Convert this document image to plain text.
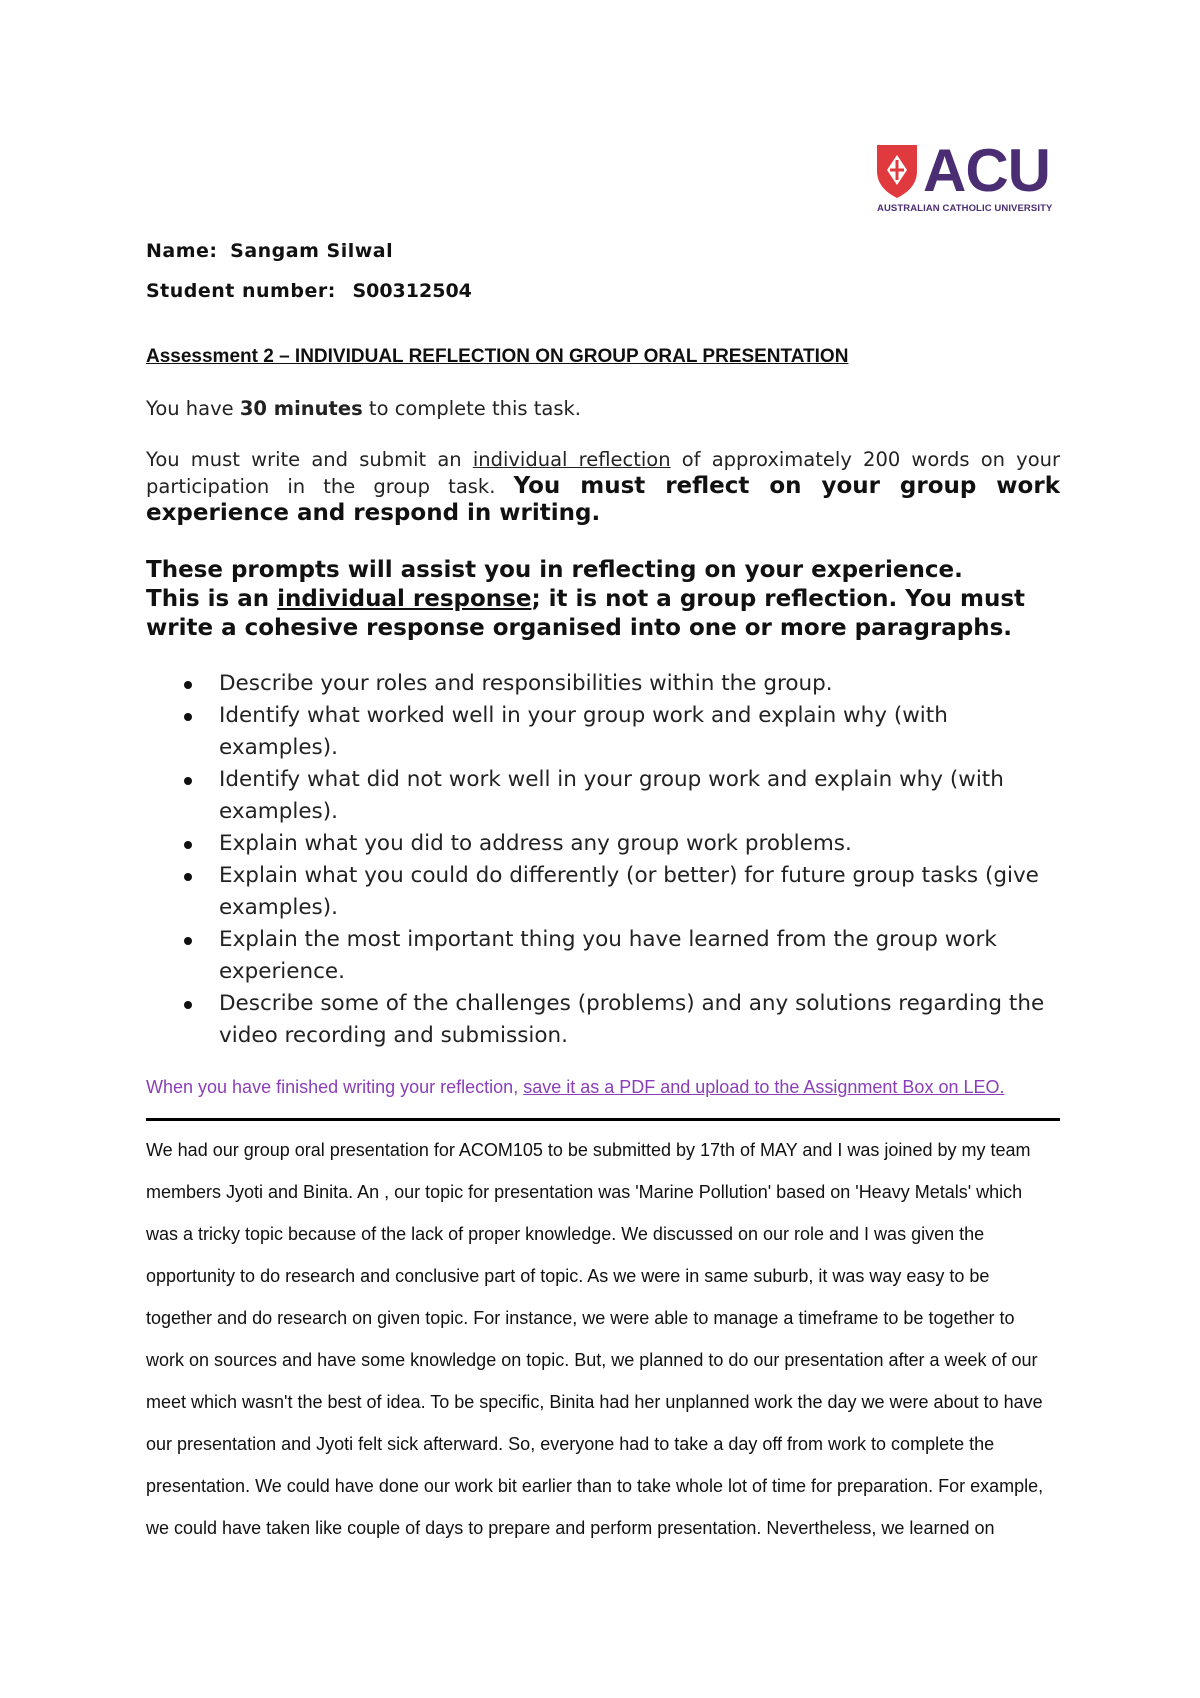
ACU
AUSTRALIAN CATHOLIC UNIVERSITY
Name: Sangam Silwal
Student number: S00312504
Assessment 2 – INDIVIDUAL REFLECTION ON GROUP ORAL PRESENTATION
You have 30 minutes to complete this task.
You must write and submit an individual reflection of approximately 200 words on your participation in the group task. You must reflect on your group work experience and respond in writing.
These prompts will assist you in reflecting on your experience.
This is an individual response; it is not a group reflection. You must write a cohesive response organised into one or more paragraphs.
Describe your roles and responsibilities within the group.
Identify what worked well in your group work and explain why (with examples).
Identify what did not work well in your group work and explain why (with examples).
Explain what you did to address any group work problems.
Explain what you could do differently (or better) for future group tasks (give examples).
Explain the most important thing you have learned from the group work experience.
Describe some of the challenges (problems) and any solutions regarding the video recording and submission.
When you have finished writing your reflection, save it as a PDF and upload to the Assignment Box on LEO.
We had our group oral presentation for ACOM105 to be submitted by 17th of MAY and I was joined by my team
members Jyoti and Binita. An , our topic for presentation was 'Marine Pollution' based on 'Heavy Metals' which
was a tricky topic because of the lack of proper knowledge. We discussed on our role and I was given the
opportunity to do research and conclusive part of topic. As we were in same suburb, it was way easy to be
together and do research on given topic. For instance, we were able to manage a timeframe to be together to
work on sources and have some knowledge on topic. But, we planned to do our presentation after a week of our
meet which wasn't the best of idea. To be specific, Binita had her unplanned work the day we were about to have
our presentation and Jyoti felt sick afterward. So, everyone had to take a day off from work to complete the
presentation. We could have done our work bit earlier than to take whole lot of time for preparation. For example,
we could have taken like couple of days to prepare and perform presentation. Nevertheless, we learned on
